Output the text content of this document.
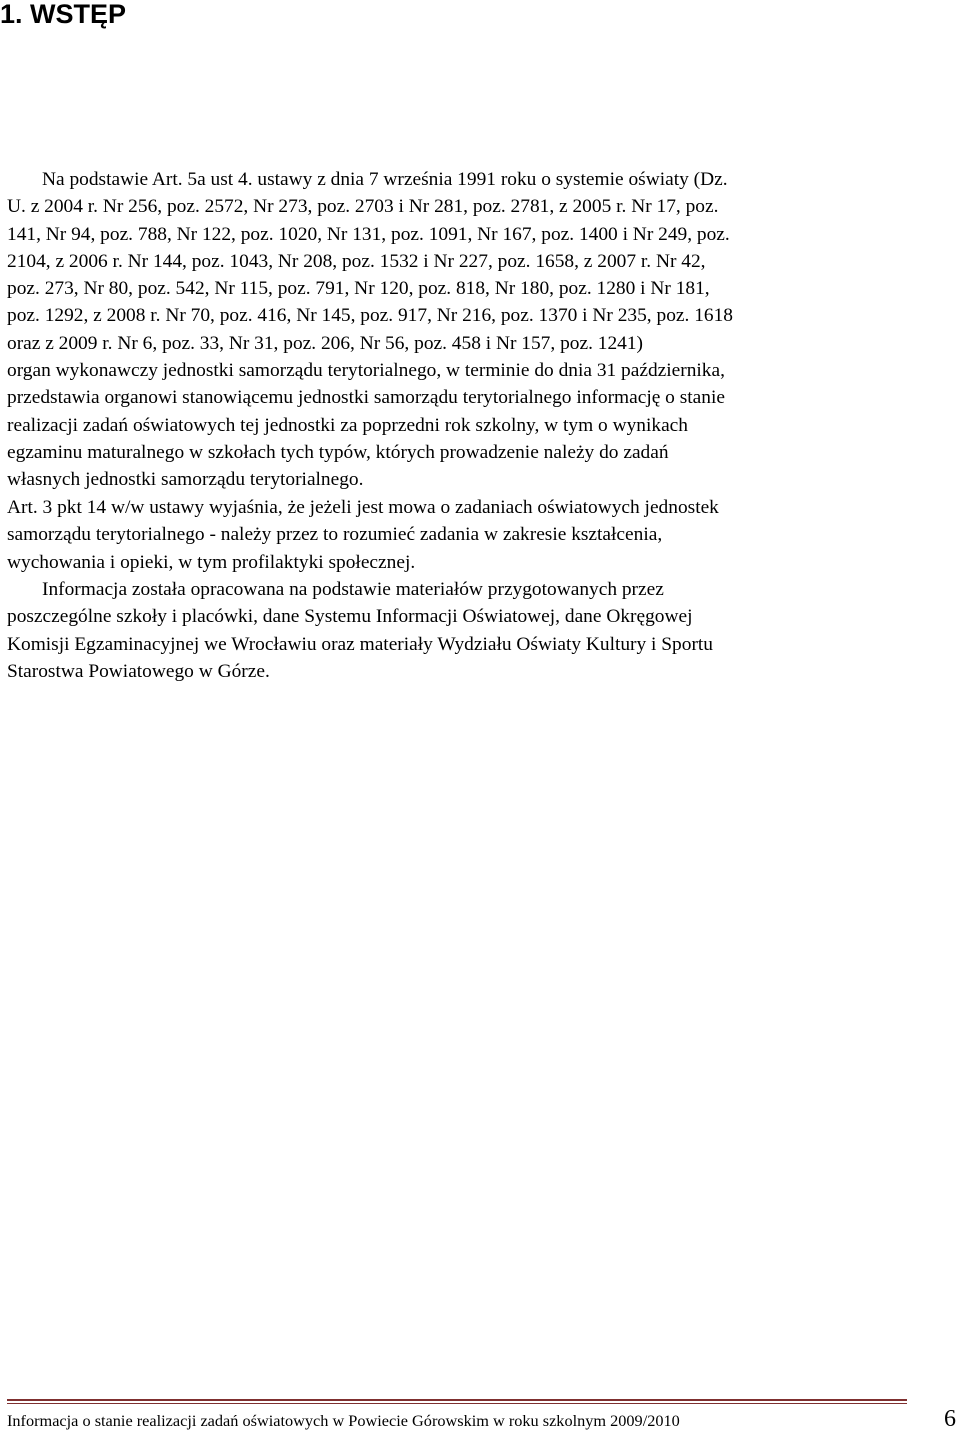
1. WSTĘP
Na podstawie Art. 5a ust 4. ustawy z dnia 7 września 1991 roku o systemie oświaty (Dz.
U. z 2004 r. Nr 256, poz. 2572, Nr 273, poz. 2703 i Nr 281, poz. 2781, z 2005 r. Nr 17, poz.
141, Nr 94, poz. 788, Nr 122, poz. 1020, Nr 131, poz. 1091, Nr 167, poz. 1400 i Nr 249, poz.
2104, z 2006 r. Nr 144, poz. 1043, Nr 208, poz. 1532 i Nr 227, poz. 1658, z 2007 r. Nr 42,
poz. 273, Nr 80, poz. 542, Nr 115, poz. 791, Nr 120, poz. 818, Nr 180, poz. 1280 i Nr 181,
poz. 1292, z 2008 r. Nr 70, poz. 416, Nr 145, poz. 917, Nr 216, poz. 1370 i Nr 235, poz. 1618
oraz z 2009 r. Nr 6, poz. 33, Nr 31, poz. 206, Nr 56, poz. 458 i Nr 157, poz. 1241)
organ wykonawczy jednostki samorządu terytorialnego, w terminie do dnia 31 października,
przedstawia organowi stanowiącemu jednostki samorządu terytorialnego informację o stanie
realizacji zadań oświatowych tej jednostki za poprzedni rok szkolny, w tym o wynikach
egzaminu maturalnego w szkołach tych typów, których prowadzenie należy do zadań
własnych jednostki samorządu terytorialnego.
Art. 3 pkt 14 w/w ustawy wyjaśnia, że jeżeli jest mowa o zadaniach oświatowych jednostek
samorządu terytorialnego - należy przez to rozumieć zadania w zakresie kształcenia,
wychowania i opieki, w tym profilaktyki społecznej.
Informacja została opracowana na podstawie materiałów przygotowanych przez
poszczególne szkoły i placówki, dane Systemu Informacji Oświatowej, dane Okręgowej
Komisji Egzaminacyjnej we Wrocławiu oraz materiały Wydziału Oświaty Kultury i Sportu
Starostwa Powiatowego w Górze.
Informacja o stanie realizacji zadań oświatowych w Powiecie Górowskim w roku szkolnym 2009/2010	6
